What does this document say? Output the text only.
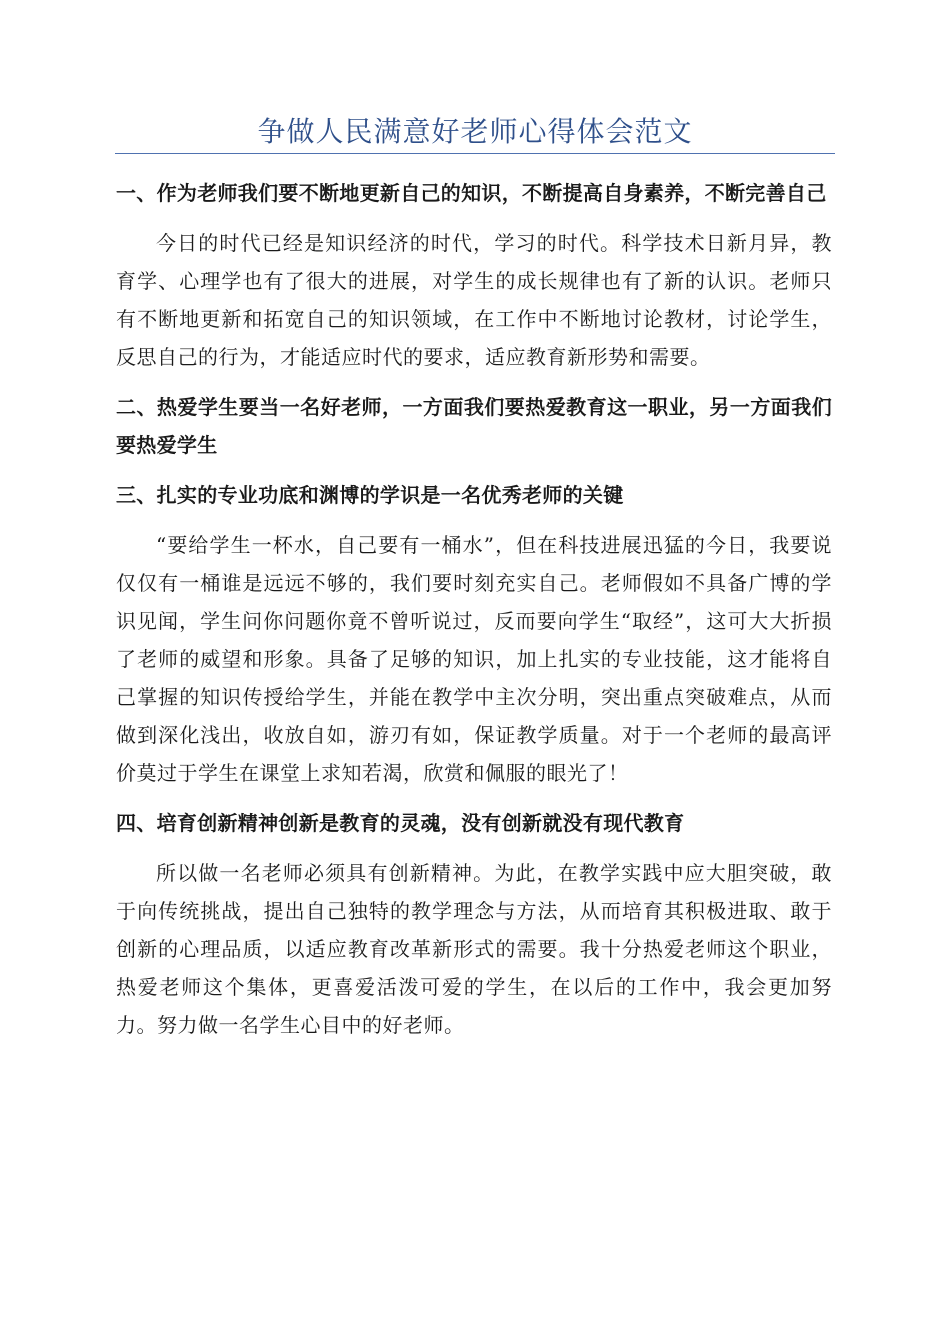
争做人民满意好老师心得体会范文
一、作为老师我们要不断地更新自己的知识，不断提高自身素养，不断完善自己

今日的时代已经是知识经济的时代，学习的时代。科学技术日新月异，教育学、心理学也有了很大的进展，对学生的成长规律也有了新的认识。老师只有不断地更新和拓宽自己的知识领域，在工作中不断地讨论教材，讨论学生，反思自己的行为，才能适应时代的要求，适应教育新形势和需要。

二、热爱学生要当一名好老师，一方面我们要热爱教育这一职业，另一方面我们要热爱学生
三、扎实的专业功底和渊博的学识是一名优秀老师的关键

“要给学生一杯水，自己要有一桶水”，但在科技进展迅猛的今日，我要说仅仅有一桶谁是远远不够的，我们要时刻充实自己。老师假如不具备广博的学识见闻，学生问你问题你竟不曾听说过，反而要向学生“取经”，这可大大折损了老师的威望和形象。具备了足够的知识，加上扎实的专业技能，这才能将自己掌握的知识传授给学生，并能在教学中主次分明，突出重点突破难点，从而做到深化浅出，收放自如，游刃有如，保证教学质量。对于一个老师的最高评价莫过于学生在课堂上求知若渴，欣赏和佩服的眼光了！

四、培育创新精神创新是教育的灵魂，没有创新就没有现代教育

所以做一名老师必须具有创新精神。为此，在教学实践中应大胆突破，敢于向传统挑战，提出自己独特的教学理念与方法，从而培育其积极进取、敢于创新的心理品质，以适应教育改革新形式的需要。我十分热爱老师这个职业，热爱老师这个集体，更喜爱活泼可爱的学生，在以后的工作中，我会更加努力。努力做一名学生心目中的好老师。
